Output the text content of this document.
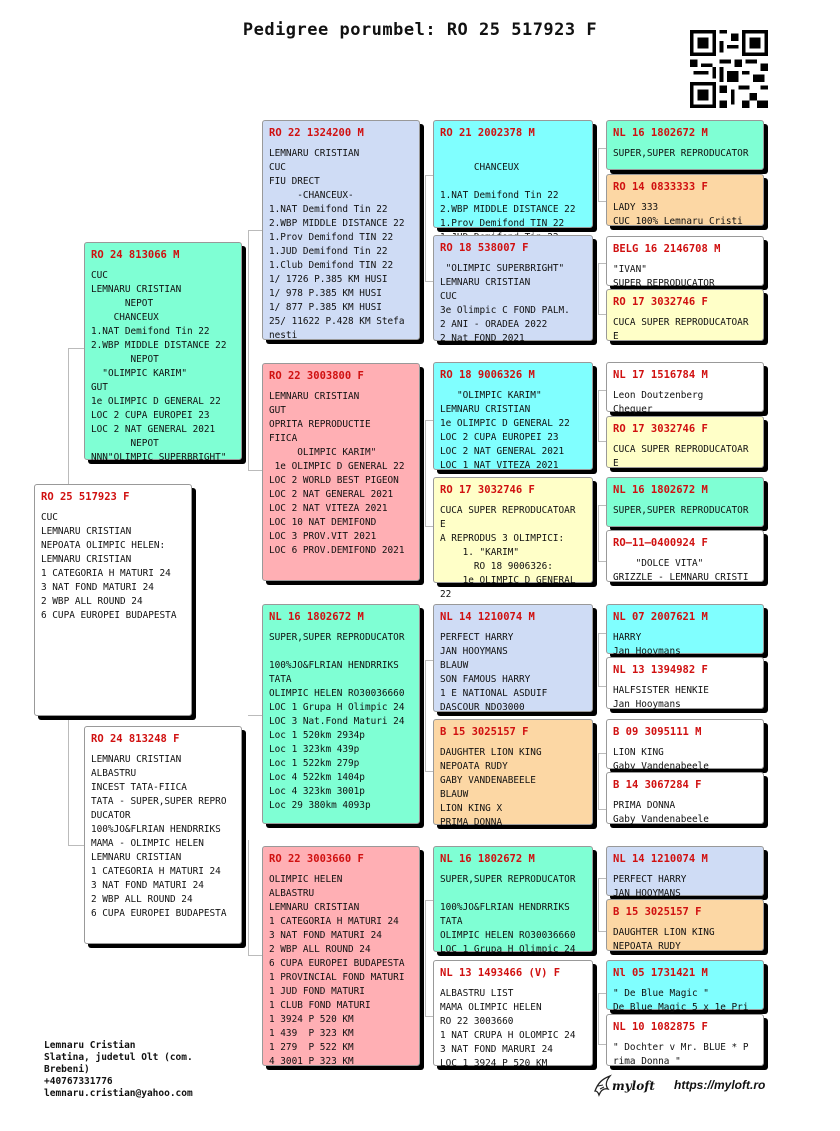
Pedigree porumbel: RO 25 517923 F
RO 25 517923 F
CUC
LEMNARU CRISTIAN
NEPOATA OLIMPIC HELEN:
LEMNARU CRISTIAN
1 CATEGORIA H MATURI 24
3 NAT FOND MATURI 24
2 WBP ALL ROUND 24
6 CUPA EUROPEI BUDAPESTA
RO 24 813066 M
CUC
LEMNARU CRISTIAN
NEPOT
CHANCEUX
1.NAT Demifond Tin 22
2.WBP MIDDLE DISTANCE 22
NEPOT
"OLIMPIC KARIM"
GUT
1e OLIMPIC D GENERAL 22
LOC 2 CUPA EUROPEI 23
LOC 2 NAT GENERAL 2021
NEPOT
NNN"OLIMPIC SUPERBRIGHT"
RO 24 813248 F
LEMNARU CRISTIAN
ALBASTRU
INCEST TATA-FIICA
TATA - SUPER,SUPER REPRO
DUCATOR
100%JO&FLRIAN HENDRRIKS
MAMA - OLIMPIC HELEN
LEMNARU CRISTIAN
1 CATEGORIA H MATURI 24
3 NAT FOND MATURI 24
2 WBP ALL ROUND 24
6 CUPA EUROPEI BUDAPESTA
RO 22 1324200 M
LEMNARU CRISTIAN
CUC
FIU DRECT
-CHANCEUX-
1.NAT Demifond Tin 22
2.WBP MIDDLE DISTANCE 22
1.Prov Demifond TIN 22
1.JUD Demifond Tin 22
1.Club Demifond TIN 22
1/ 1726 P.385 KM HUSI
1/ 978 P.385 KM HUSI
1/ 877 P.385 KM HUSI
25/ 11622 P.428 KM Stefa
nesti
RO 22 3003800 F
LEMNARU CRISTIAN
GUT
OPRITA REPRODUCTIE
FIICA
OLIMPIC KARIM"
1e OLIMPIC D GENERAL 22
LOC 2 WORLD BEST PIGEON
LOC 2 NAT GENERAL 2021
LOC 2 NAT VITEZA 2021
LOC 10 NAT DEMIFOND
LOC 3 PROV.VIT 2021
LOC 6 PROV.DEMIFOND 2021
NL 16 1802672 M
SUPER,SUPER REPRODUCATOR

100%JO&FLRIAN HENDRRIKS
TATA
OLIMPIC HELEN RO30036660
LOC 1 Grupa H Olimpic 24
LOC 3 Nat.Fond Maturi 24
Loc 1 520km 2934p
Loc 1 323km 439p
Loc 1 522km 279p
Loc 4 522km 1404p
Loc 4 323km 3001p
Loc 29 380km 4093p
RO 22 3003660 F
OLIMPIC HELEN
ALBASTRU
LEMNARU CRISTIAN
1 CATEGORIA H MATURI 24
3 NAT FOND MATURI 24
2 WBP ALL ROUND 24
6 CUPA EUROPEI BUDAPESTA
1 PROVINCIAL FOND MATURI
1 JUD FOND MATURI
1 CLUB FOND MATURI
1 3924 P 520 KM
1 439  P 323 KM
1 279  P 522 KM
4 3001 P 323 KM
RO 21 2002378 M

CHANCEUX

1.NAT Demifond Tin 22
2.WBP MIDDLE DISTANCE 22
1.Prov Demifond TIN 22

RO 18 538007 F
"OLIMPIC SUPERBRIGHT"
LEMNARU CRISTIAN
CUC
3e Olimpic C FOND PALM.
2 ANI - ORADEA 2022
2 Nat FOND 2021
RO 18 9006326 M
"OLIMPIC KARIM"
LEMNARU CRISTIAN
1e OLIMPIC D GENERAL 22
LOC 2 CUPA EUROPEI 23
LOC 2 NAT GENERAL 2021
LOC 1 NAT VITEZA 2021
RO 17 3032746 F
CUCA SUPER REPRODUCATOAR
E
A REPRODUS 3 OLIMPICI:
1. "KARIM"
RO 18 9006326:
1e OLIMPIC D GENERAL 22
NL 14 1210074 M
PERFECT HARRY
JAN HOOYMANS
BLAUW
SON FAMOUS HARRY
1 E NATIONAL ASDUIF
DASCOUR NDO3000
B 15 3025157 F
DAUGHTER LION KING
NEPOATA RUDY
GABY VANDENABEELE
BLAUW
LION KING X
PRIMA DONNA
NL 16 1802672 M
SUPER,SUPER REPRODUCATOR

100%JO&FLRIAN HENDRRIKS
TATA
OLIMPIC HELEN RO30036660
LOC 1 Grupa H Olimpic 24
NL 13 1493466 (V) F
ALBASTRU LIST
MAMA OLIMPIC HELEN
RO 22 3003660
1 NAT CRUPA H OLOMPIC 24
3 NAT FOND MARURI 24
LOC 1 3924 P 520 KM
NL 16 1802672 M
SUPER,SUPER REPRODUCATOR
RO 14 0833333 F
LADY 333
CUC 100% Lemnaru Cristi
BELG 16 2146708 M
"IVAN"
SUPER REPRODUCATOR
RO 17 3032746 F
CUCA SUPER REPRODUCATOAR
E
NL 17 1516784 M
Leon Doutzenberg
Chequer
RO 17 3032746 F
CUCA SUPER REPRODUCATOAR
E
NL 16 1802672 M
SUPER,SUPER REPRODUCATOR
RO–11–0400924 F
"DOLCE VITA"
GRIZZLE - LEMNARU CRISTI
NL 07 2007621 M
HARRY
Jan Hooymans
NL 13 1394982 F
HALFSISTER HENKIE
Jan Hooymans
B 09 3095111 M
LION KING
Gaby Vandenabeele
B 14 3067284 F
PRIMA DONNA
Gaby Vandenabeele
NL 14 1210074 M
PERFECT HARRY
JAN HOOYMANS
B 15 3025157 F
DAUGHTER LION KING
NEPOATA RUDY
Nl 05 1731421 M
" De Blue Magic "
De Blue Magic 5 x 1e Pri
NL 10 1082875 F
" Dochter v Mr. BLUE * P
rima Donna "
Lemnaru Cristian
Slatina, judetul Olt (com.
Brebeni)
+40767331776
lemnaru.cristian@yahoo.com
myloft https://myloft.ro
